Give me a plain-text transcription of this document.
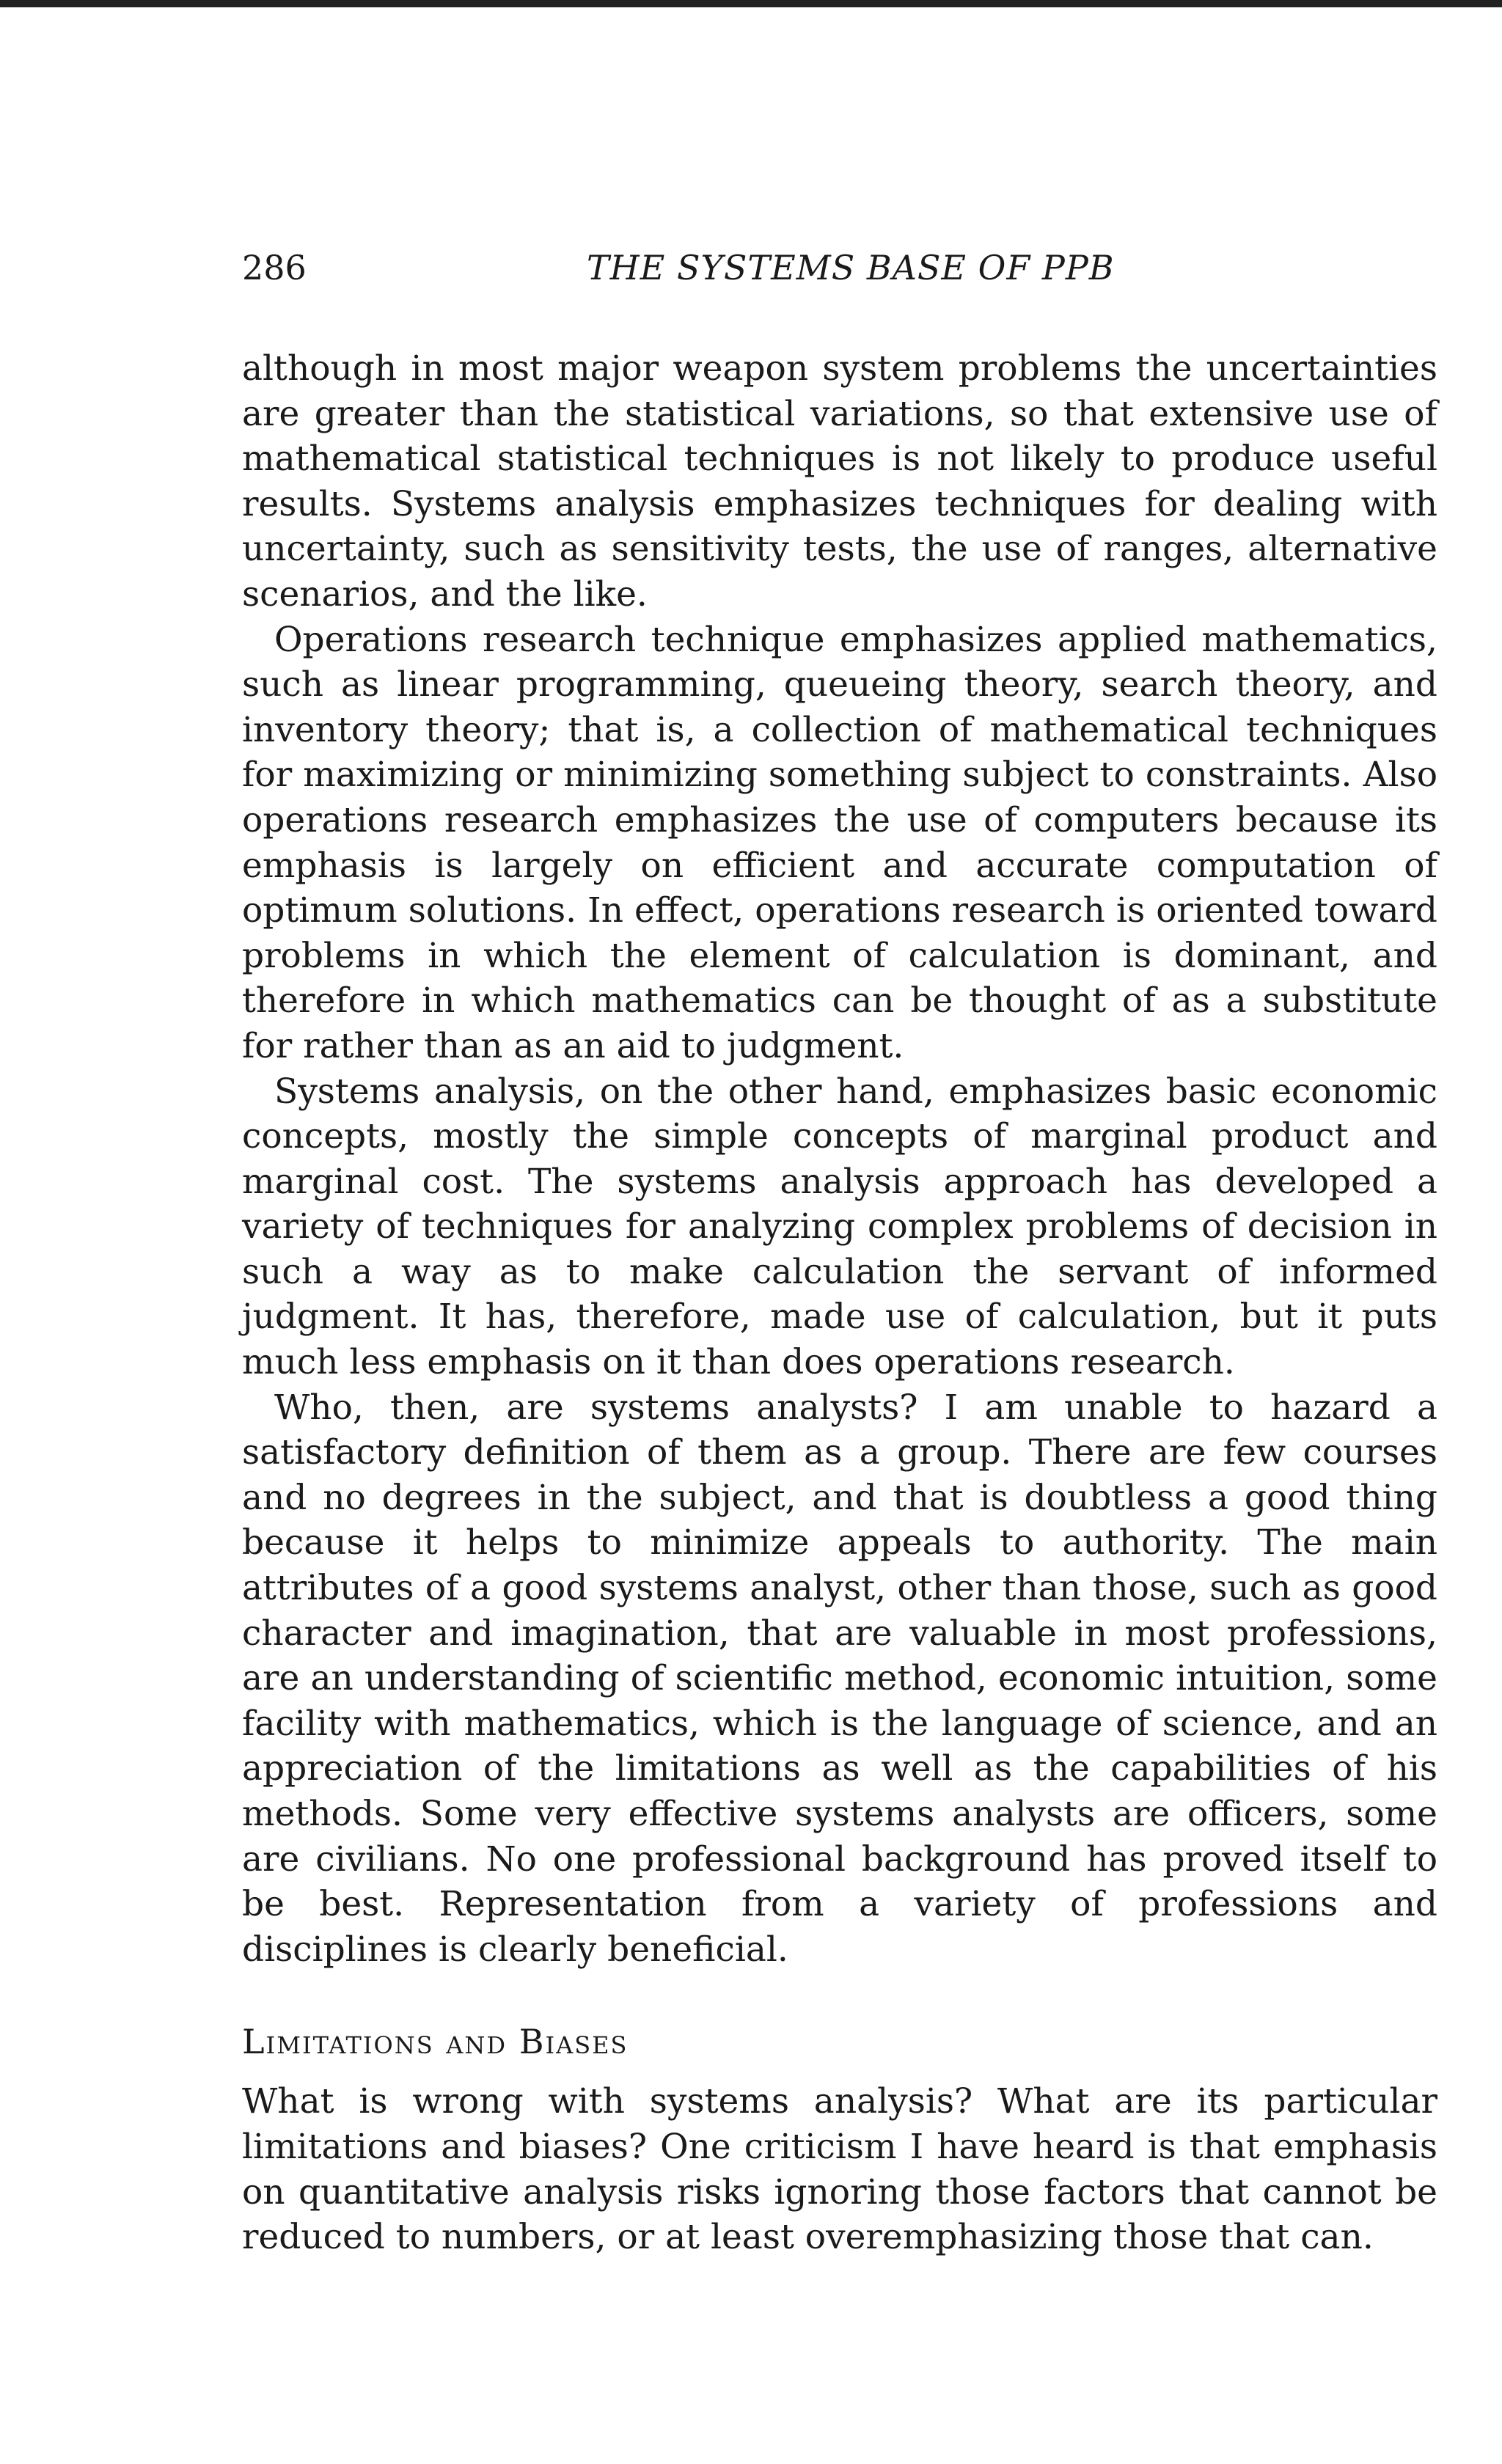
286	THE SYSTEMS BASE OF PPB

although in most major weapon system problems the uncertainties are greater than the statistical variations, so that extensive use of mathematical statistical techniques is not likely to produce useful results. Systems analysis emphasizes techniques for dealing with uncertainty, such as sensitivity tests, the use of ranges, alternative scenarios, and the like.

Operations research technique emphasizes applied mathematics, such as linear programming, queueing theory, search theory, and inventory theory; that is, a collection of mathematical techniques for maximizing or minimizing something subject to constraints. Also operations research emphasizes the use of computers because its emphasis is largely on efficient and accurate computation of optimum solutions. In effect, operations research is oriented toward problems in which the element of calculation is dominant, and therefore in which mathematics can be thought of as a substitute for rather than as an aid to judgment.

Systems analysis, on the other hand, emphasizes basic economic concepts, mostly the simple concepts of marginal product and marginal cost. The systems analysis approach has developed a variety of techniques for analyzing complex problems of decision in such a way as to make calculation the servant of informed judgment. It has, therefore, made use of calculation, but it puts much less emphasis on it than does operations research.

Who, then, are systems analysts? I am unable to hazard a satisfactory definition of them as a group. There are few courses and no degrees in the subject, and that is doubtless a good thing because it helps to minimize appeals to authority. The main attributes of a good systems analyst, other than those, such as good character and imagination, that are valuable in most professions, are an understanding of scientific method, economic intuition, some facility with mathematics, which is the language of science, and an appreciation of the limitations as well as the capabilities of his methods. Some very effective systems analysts are officers, some are civilians. No one professional background has proved itself to be best. Representation from a variety of professions and disciplines is clearly beneficial.

Limitations and Biases

What is wrong with systems analysis? What are its particular limitations and biases? One criticism I have heard is that emphasis on quantitative analysis risks ignoring those factors that cannot be reduced to numbers, or at least overemphasizing those that can.
